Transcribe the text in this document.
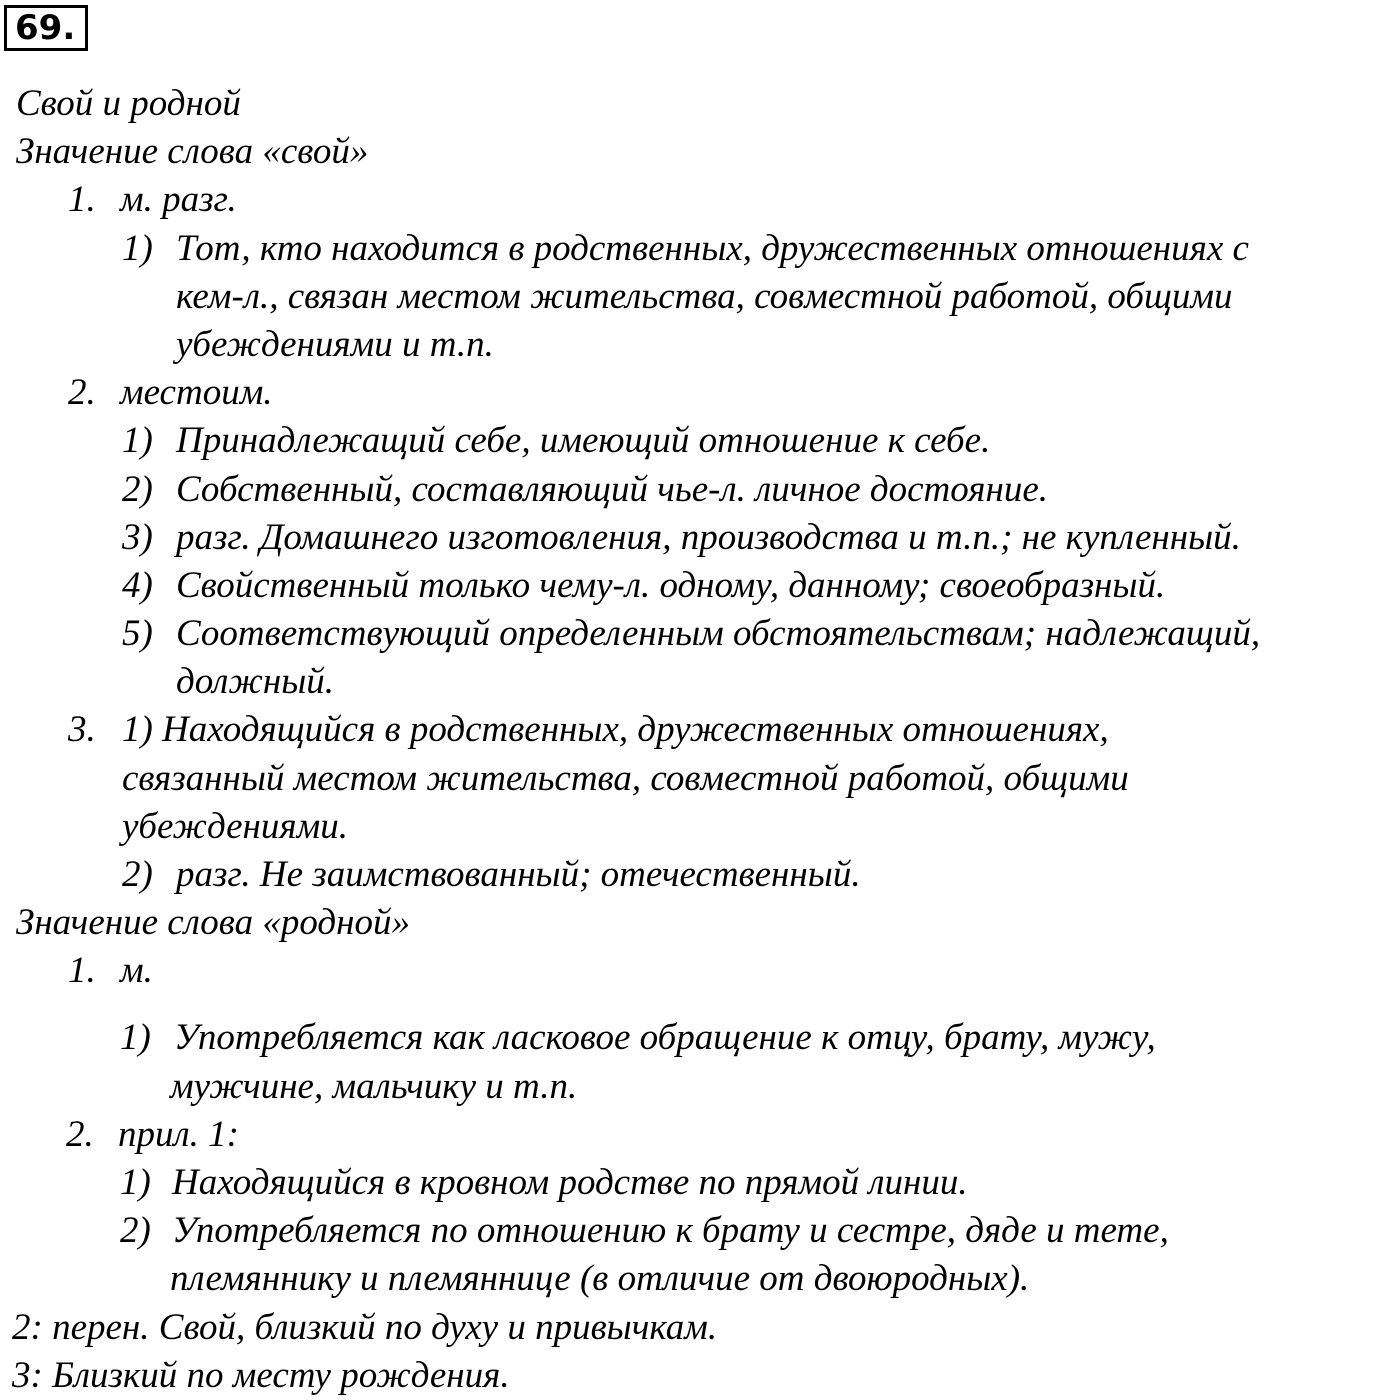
69.
Свой и родной
Значение слова «свой»
1. м. разг.
1) Тот, кто находится в родственных, дружественных отношениях с
кем-л., связан местом жительства, совместной работой, общими
убеждениями и т.п.
2. местоим.
1) Принадлежащий себе, имеющий отношение к себе.
2) Собственный, составляющий чье-л. личное достояние.
3) разг. Домашнего изготовления, производства и т.п.; не купленный.
4) Свойственный только чему-л. одному, данному; своеобразный.
5) Соответствующий определенным обстоятельствам; надлежащий,
должный.
3. 1) Находящийся в родственных, дружественных отношениях,
связанный местом жительства, совместной работой, общими
убеждениями.
2) разг. Не заимствованный; отечественный.
Значение слова «родной»
1. м.
1) Употребляется как ласковое обращение к отцу, брату, мужу,
мужчине, мальчику и т.п.
2. прил. 1:
1) Находящийся в кровном родстве по прямой линии.
2) Употребляется по отношению к брату и сестре, дяде и тете,
племяннику и племяннице (в отличие от двоюродных).
2: перен. Свой, близкий по духу и привычкам.
3: Близкий по месту рождения.
